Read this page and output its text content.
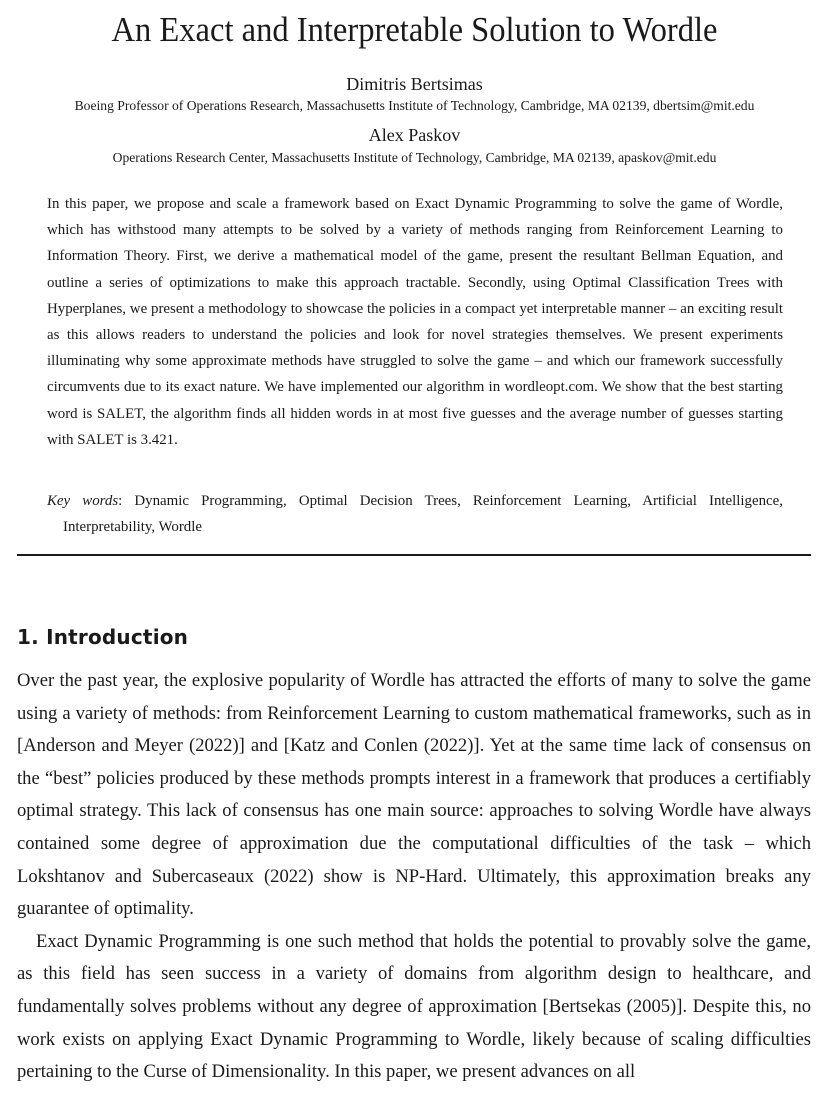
An Exact and Interpretable Solution to Wordle
Dimitris Bertsimas
Boeing Professor of Operations Research, Massachusetts Institute of Technology, Cambridge, MA 02139, dbertsim@mit.edu
Alex Paskov
Operations Research Center, Massachusetts Institute of Technology, Cambridge, MA 02139, apaskov@mit.edu

In this paper, we propose and scale a framework based on Exact Dynamic Programming to solve the game of Wordle, which has withstood many attempts to be solved by a variety of methods ranging from Reinforcement Learning to Information Theory. First, we derive a mathematical model of the game, present the resultant Bellman Equation, and outline a series of optimizations to make this approach tractable. Secondly, using Optimal Classification Trees with Hyperplanes, we present a methodology to showcase the policies in a compact yet interpretable manner – an exciting result as this allows readers to understand the policies and look for novel strategies themselves. We present experiments illuminating why some approximate methods have struggled to solve the game – and which our framework successfully circumvents due to its exact nature. We have implemented our algorithm in wordleopt.com. We show that the best starting word is SALET, the algorithm finds all hidden words in at most five guesses and the average number of guesses starting with SALET is 3.421.

Key words: Dynamic Programming, Optimal Decision Trees, Reinforcement Learning, Artificial Intelligence, Interpretability, Wordle
1. Introduction

Over the past year, the explosive popularity of Wordle has attracted the efforts of many to solve the game using a variety of methods: from Reinforcement Learning to custom mathematical frameworks, such as in [Anderson and Meyer (2022)] and [Katz and Conlen (2022)]. Yet at the same time lack of consensus on the “best” policies produced by these methods prompts interest in a framework that produces a certifiably optimal strategy. This lack of consensus has one main source: approaches to solving Wordle have always contained some degree of approximation due the computational difficulties of the task – which Lokshtanov and Subercaseaux (2022) show is NP-Hard. Ultimately, this approximation breaks any guarantee of optimality.

Exact Dynamic Programming is one such method that holds the potential to provably solve the game, as this field has seen success in a variety of domains from algorithm design to healthcare, and fundamentally solves problems without any degree of approximation [Bertsekas (2005)]. Despite this, no work exists on applying Exact Dynamic Programming to Wordle, likely because of scaling difficulties pertaining to the Curse of Dimensionality. In this paper, we present advances on all
